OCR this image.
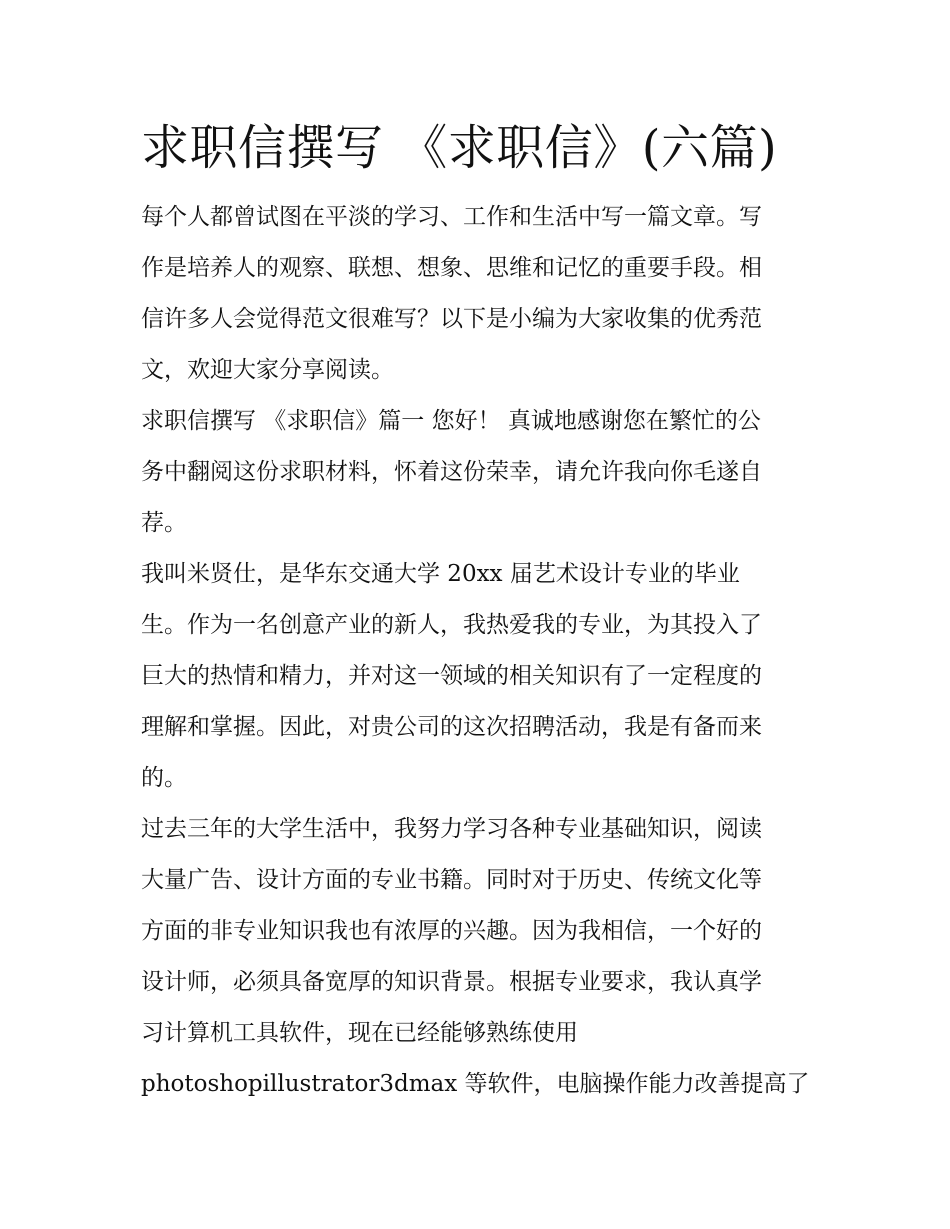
求职信撰写 《求职信》(六篇)

每个人都曾试图在平淡的学习、工作和生活中写一篇文章。写
作是培养人的观察、联想、想象、思维和记忆的重要手段。相
信许多人会觉得范文很难写？以下是小编为大家收集的优秀范
文，欢迎大家分享阅读。

求职信撰写 《求职信》篇一 您好！ 真诚地感谢您在繁忙的公
务中翻阅这份求职材料，怀着这份荣幸，请允许我向你毛遂自
荐。

我叫米贤仕，是华东交通大学 20xx 届艺术设计专业的毕业
生。作为一名创意产业的新人，我热爱我的专业，为其投入了
巨大的热情和精力，并对这一领域的相关知识有了一定程度的
理解和掌握。因此，对贵公司的这次招聘活动，我是有备而来
的。

过去三年的大学生活中，我努力学习各种专业基础知识，阅读
大量广告、设计方面的专业书籍。同时对于历史、传统文化等
方面的非专业知识我也有浓厚的兴趣。因为我相信，一个好的
设计师，必须具备宽厚的知识背景。根据专业要求，我认真学
习计算机工具软件，现在已经能够熟练使用
photoshopillustrator3dmax 等软件，电脑操作能力改善提高了
